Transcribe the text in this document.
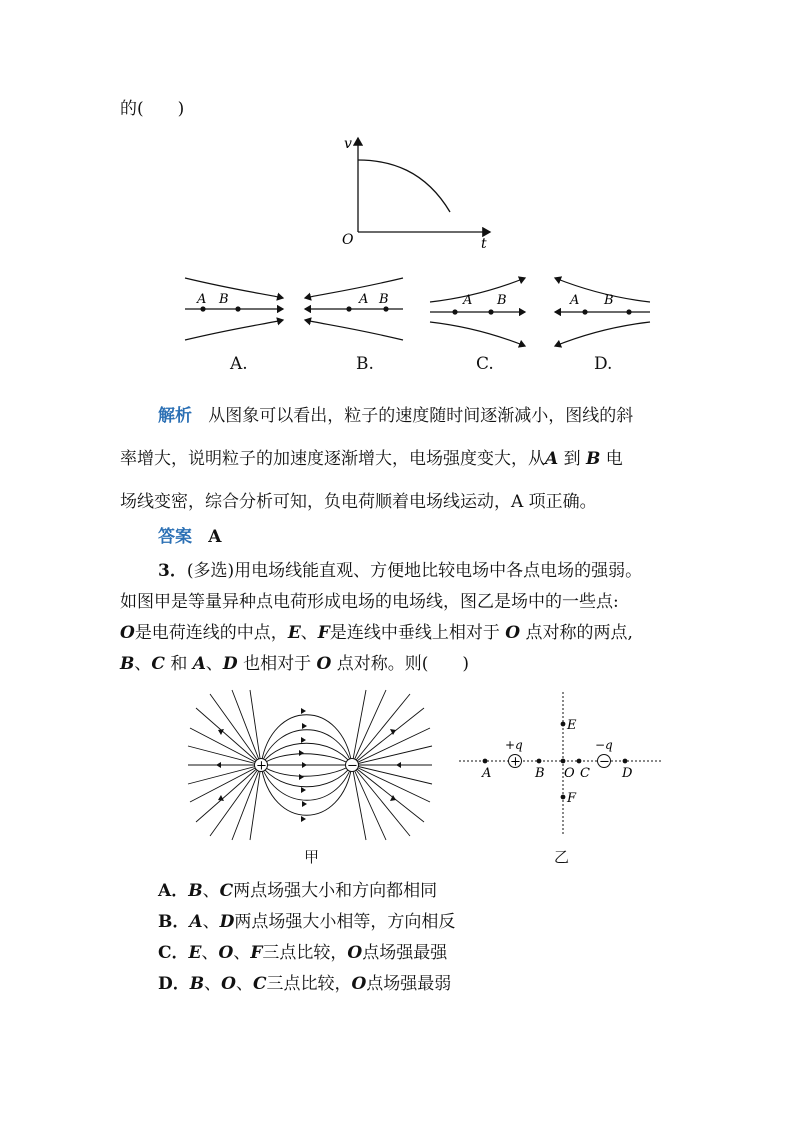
的(　　)
v
t
O
A B	A B	A B	A B
A.	B.	C.	D.
解析 从图象可以看出，粒子的速度随时间逐渐减小，图线的斜
率增大，说明粒子的加速度逐渐增大，电场强度变大，从A 到 B 电
场线变密，综合分析可知，负电荷顺着电场线运动，A 项正确。
答案 A
3．(多选)用电场线能直观、方便地比较电场中各点电场的强弱。
如图甲是等量异种点电荷形成电场的电场线，图乙是场中的一些点:
O是电荷连线的中点，E、F是连线中垂线上相对于 O 点对称的两点,
B、C 和 A、D 也相对于 O 点对称。则(　　)
+	−
甲
+	−
+q	−q
A	B O C D
E
F
乙
A．B、C两点场强大小和方向都相同
B．A、D两点场强大小相等，方向相反
C．E、O、F三点比较，O点场强最强
D．B、O、C三点比较，O点场强最弱
